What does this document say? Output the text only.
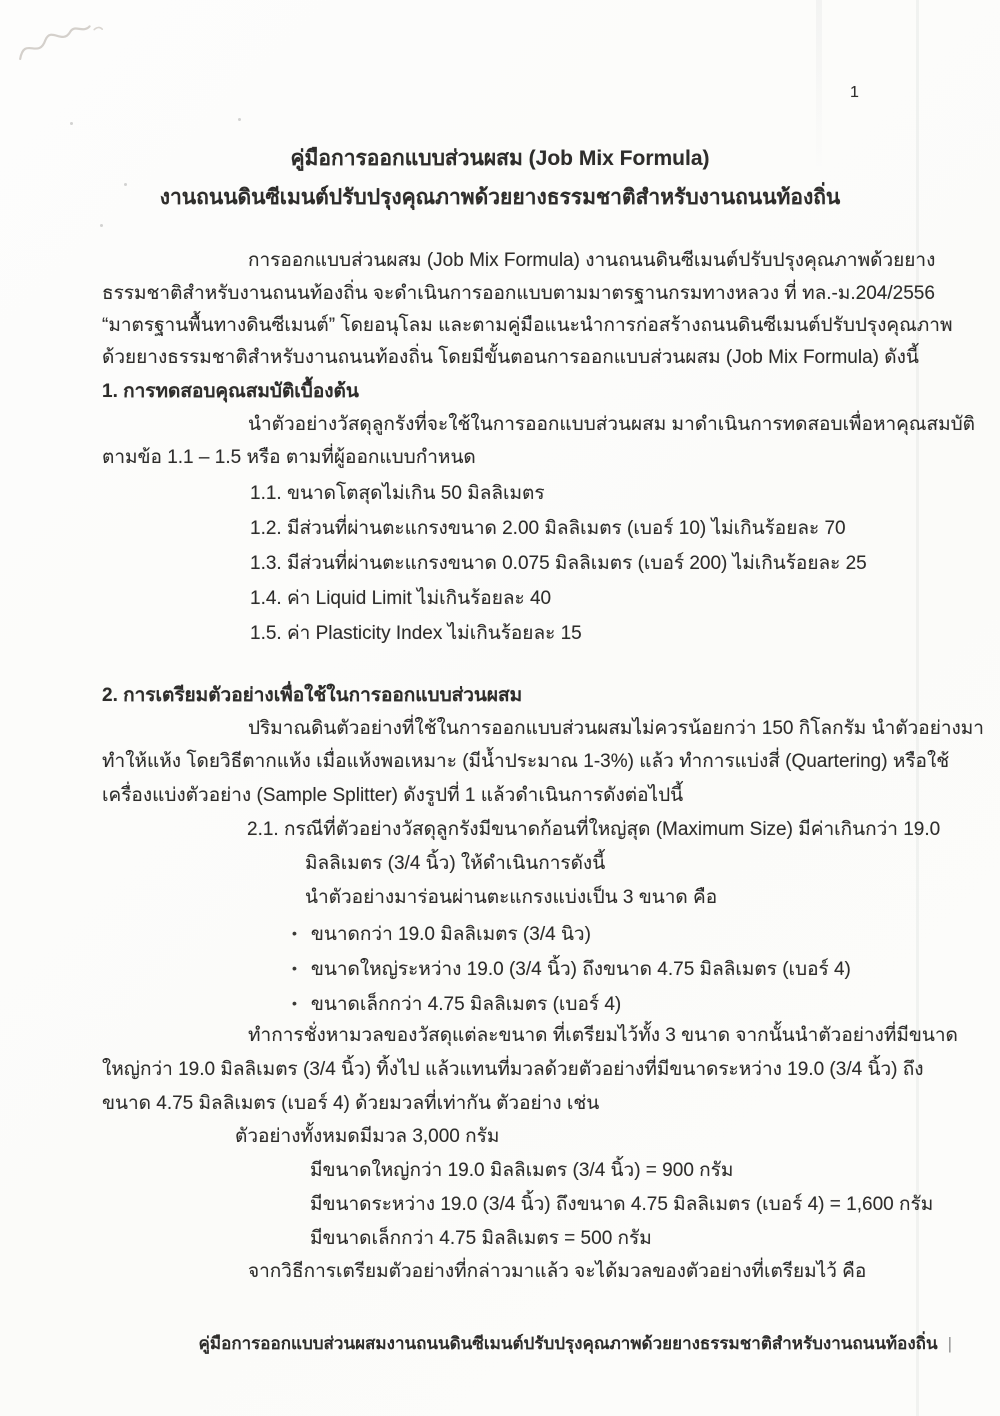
1
คู่มือการออกแบบส่วนผสม (Job Mix Formula)
งานถนนดินซีเมนต์ปรับปรุงคุณภาพด้วยยางธรรมชาติสำหรับงานถนนท้องถิ่น
การออกแบบส่วนผสม (Job Mix Formula) งานถนนดินซีเมนต์ปรับปรุงคุณภาพด้วยยาง
ธรรมชาติสำหรับงานถนนท้องถิ่น จะดำเนินการออกแบบตามมาตรฐานกรมทางหลวง ที่ ทล.-ม.204/2556
“มาตรฐานพื้นทางดินซีเมนต์” โดยอนุโลม และตามคู่มือแนะนำการก่อสร้างถนนดินซีเมนต์ปรับปรุงคุณภาพ
ด้วยยางธรรมชาติสำหรับงานถนนท้องถิ่น โดยมีขั้นตอนการออกแบบส่วนผสม (Job Mix Formula) ดังนี้
1. การทดสอบคุณสมบัติเบื้องต้น
นำตัวอย่างวัสดุลูกรังที่จะใช้ในการออกแบบส่วนผสม มาดำเนินการทดสอบเพื่อหาคุณสมบัติ
ตามข้อ 1.1 – 1.5 หรือ ตามที่ผู้ออกแบบกำหนด
1.1. ขนาดโตสุดไม่เกิน 50 มิลลิเมตร
1.2. มีส่วนที่ผ่านตะแกรงขนาด 2.00 มิลลิเมตร (เบอร์ 10) ไม่เกินร้อยละ 70
1.3. มีส่วนที่ผ่านตะแกรงขนาด 0.075 มิลลิเมตร (เบอร์ 200) ไม่เกินร้อยละ 25
1.4. ค่า Liquid Limit ไม่เกินร้อยละ 40
1.5. ค่า Plasticity Index ไม่เกินร้อยละ 15
2. การเตรียมตัวอย่างเพื่อใช้ในการออกแบบส่วนผสม
ปริมาณดินตัวอย่างที่ใช้ในการออกแบบส่วนผสมไม่ควรน้อยกว่า 150 กิโลกรัม นำตัวอย่างมา
ทำให้แห้ง โดยวิธีตากแห้ง เมื่อแห้งพอเหมาะ (มีน้ำประมาณ 1-3%) แล้ว ทำการแบ่งสี่ (Quartering) หรือใช้
เครื่องแบ่งตัวอย่าง (Sample Splitter) ดังรูปที่ 1 แล้วดำเนินการดังต่อไปนี้
2.1. กรณีที่ตัวอย่างวัสดุลูกรังมีขนาดก้อนที่ใหญ่สุด (Maximum Size) มีค่าเกินกว่า 19.0
มิลลิเมตร (3/4 นิ้ว) ให้ดำเนินการดังนี้
นำตัวอย่างมาร่อนผ่านตะแกรงแบ่งเป็น 3 ขนาด คือ
• ขนาดกว่า 19.0 มิลลิเมตร (3/4 นิว)
• ขนาดใหญ่ระหว่าง 19.0 (3/4 นิ้ว) ถึงขนาด 4.75 มิลลิเมตร (เบอร์ 4)
• ขนาดเล็กกว่า 4.75 มิลลิเมตร (เบอร์ 4)
ทำการชั่งหามวลของวัสดุแต่ละขนาด ที่เตรียมไว้ทั้ง 3 ขนาด จากนั้นนำตัวอย่างที่มีขนาด
ใหญ่กว่า 19.0 มิลลิเมตร (3/4 นิ้ว) ทิ้งไป แล้วแทนที่มวลด้วยตัวอย่างที่มีขนาดระหว่าง 19.0 (3/4 นิ้ว) ถึง
ขนาด 4.75 มิลลิเมตร (เบอร์ 4) ด้วยมวลที่เท่ากัน ตัวอย่าง เช่น
ตัวอย่างทั้งหมดมีมวล 3,000 กรัม
มีขนาดใหญ่กว่า 19.0 มิลลิเมตร (3/4 นิ้ว) = 900 กรัม
มีขนาดระหว่าง 19.0 (3/4 นิ้ว) ถึงขนาด 4.75 มิลลิเมตร (เบอร์ 4) = 1,600 กรัม
มีขนาดเล็กกว่า 4.75 มิลลิเมตร = 500 กรัม
จากวิธีการเตรียมตัวอย่างที่กล่าวมาแล้ว จะได้มวลของตัวอย่างที่เตรียมไว้ คือ
คู่มือการออกแบบส่วนผสมงานถนนดินซีเมนต์ปรับปรุงคุณภาพด้วยยางธรรมชาติสำหรับงานถนนท้องถิ่น |
